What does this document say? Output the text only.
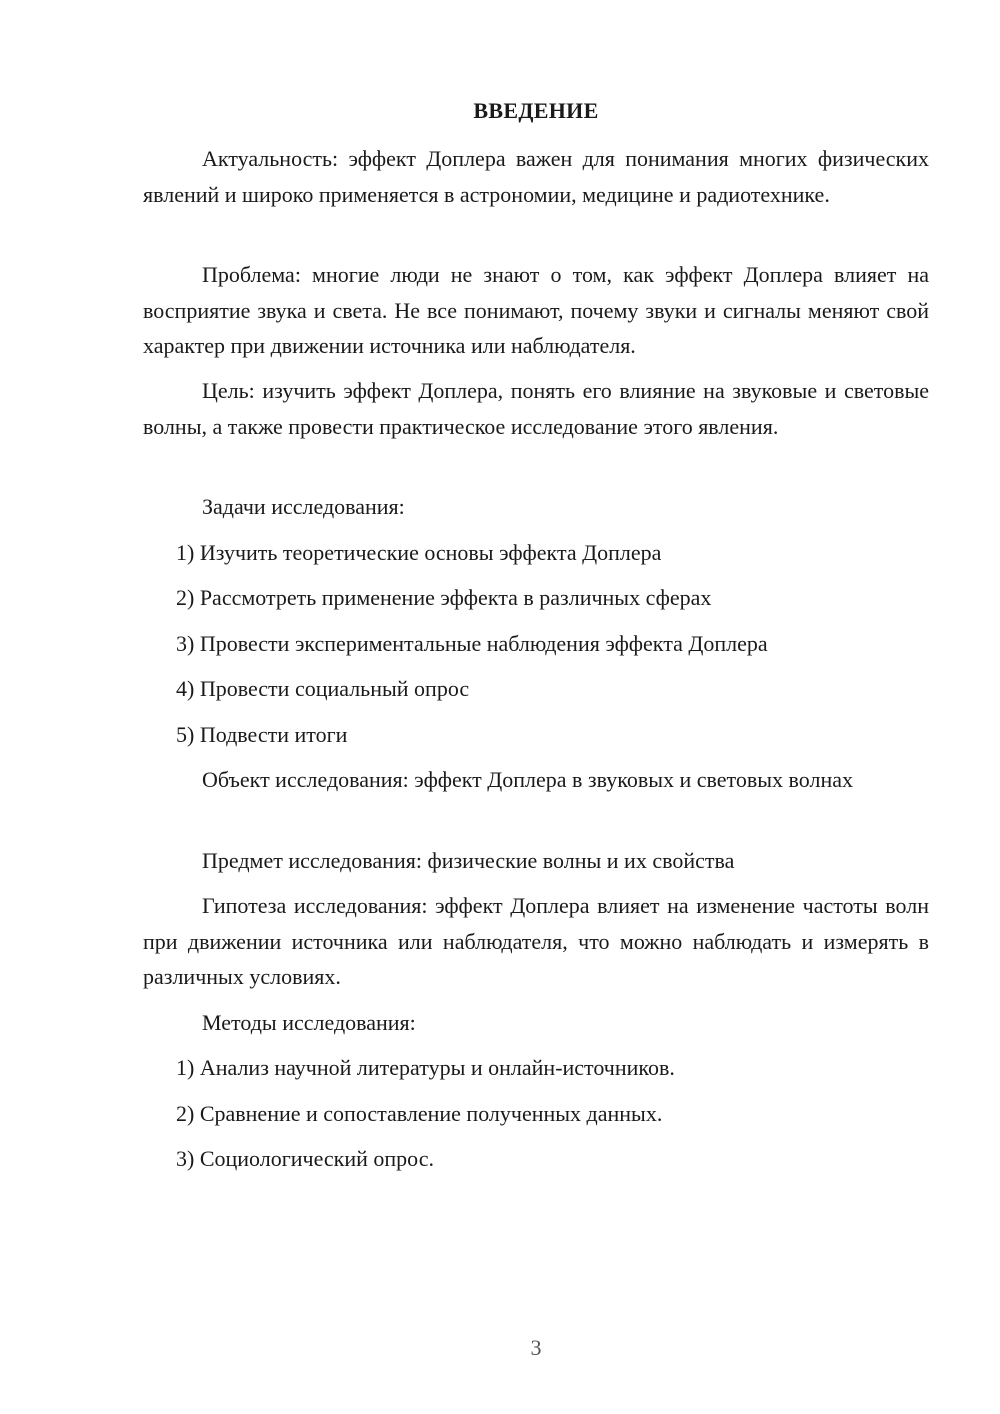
ВВЕДЕНИЕ

Актуальность: эффект Доплера важен для понимания многих физических явлений и широко применяется в астрономии, медицине и радиотехнике.

Проблема: многие люди не знают о том, как эффект Доплера влияет на восприятие звука и света. Не все понимают, почему звуки и сигналы меняют свой характер при движении источника или наблюдателя.

Цель: изучить эффект Доплера, понять его влияние на звуковые и световые волны, а также провести практическое исследование этого явления.

Задачи исследования:

1) Изучить теоретические основы эффекта Доплера

2) Рассмотреть применение эффекта в различных сферах

3) Провести экспериментальные наблюдения эффекта Доплера

4) Провести социальный опрос

5) Подвести итоги

Объект исследования: эффект Доплера в звуковых и световых волнах

Предмет исследования: физические волны и их свойства

Гипотеза исследования: эффект Доплера влияет на изменение частоты волн при движении источника или наблюдателя, что можно наблюдать и измерять в различных условиях.

Методы исследования:

1) Анализ научной литературы и онлайн-источников.

2) Сравнение и сопоставление полученных данных.

3) Социологический опрос.

3
